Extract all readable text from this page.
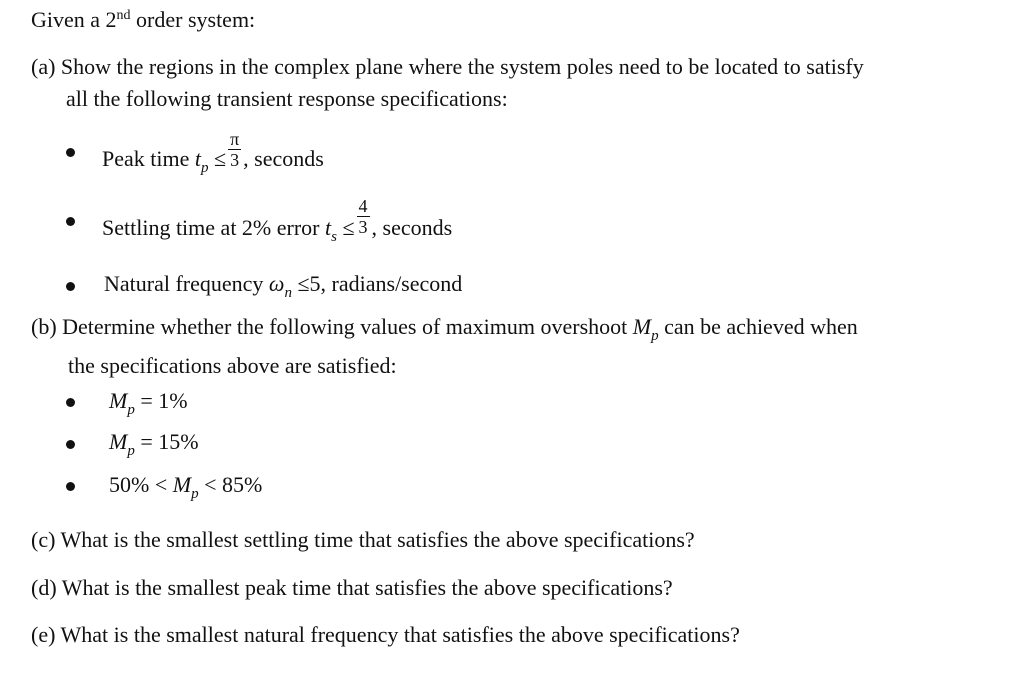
Given a 2nd order system:
(a) Show the regions in the complex plane where the system poles need to be located to satisfy
all the following transient response specifications:
Peak time $t_p \le \frac{\pi}{3}$ , seconds
Settling time at 2% error $t_s \le \frac{4}{3}$ , seconds
Natural frequency $\omega_n \le 5$, radians/second
(b) Determine whether the following values of maximum overshoot $M_p$ can be achieved when
the specifications above are satisfied:
$M_p = 1\%$
$M_p = 15\%$
$50\% < M_p < 85\%$
(c) What is the smallest settling time that satisfies the above specifications?
(d) What is the smallest peak time that satisfies the above specifications?
(e) What is the smallest natural frequency that satisfies the above specifications?
